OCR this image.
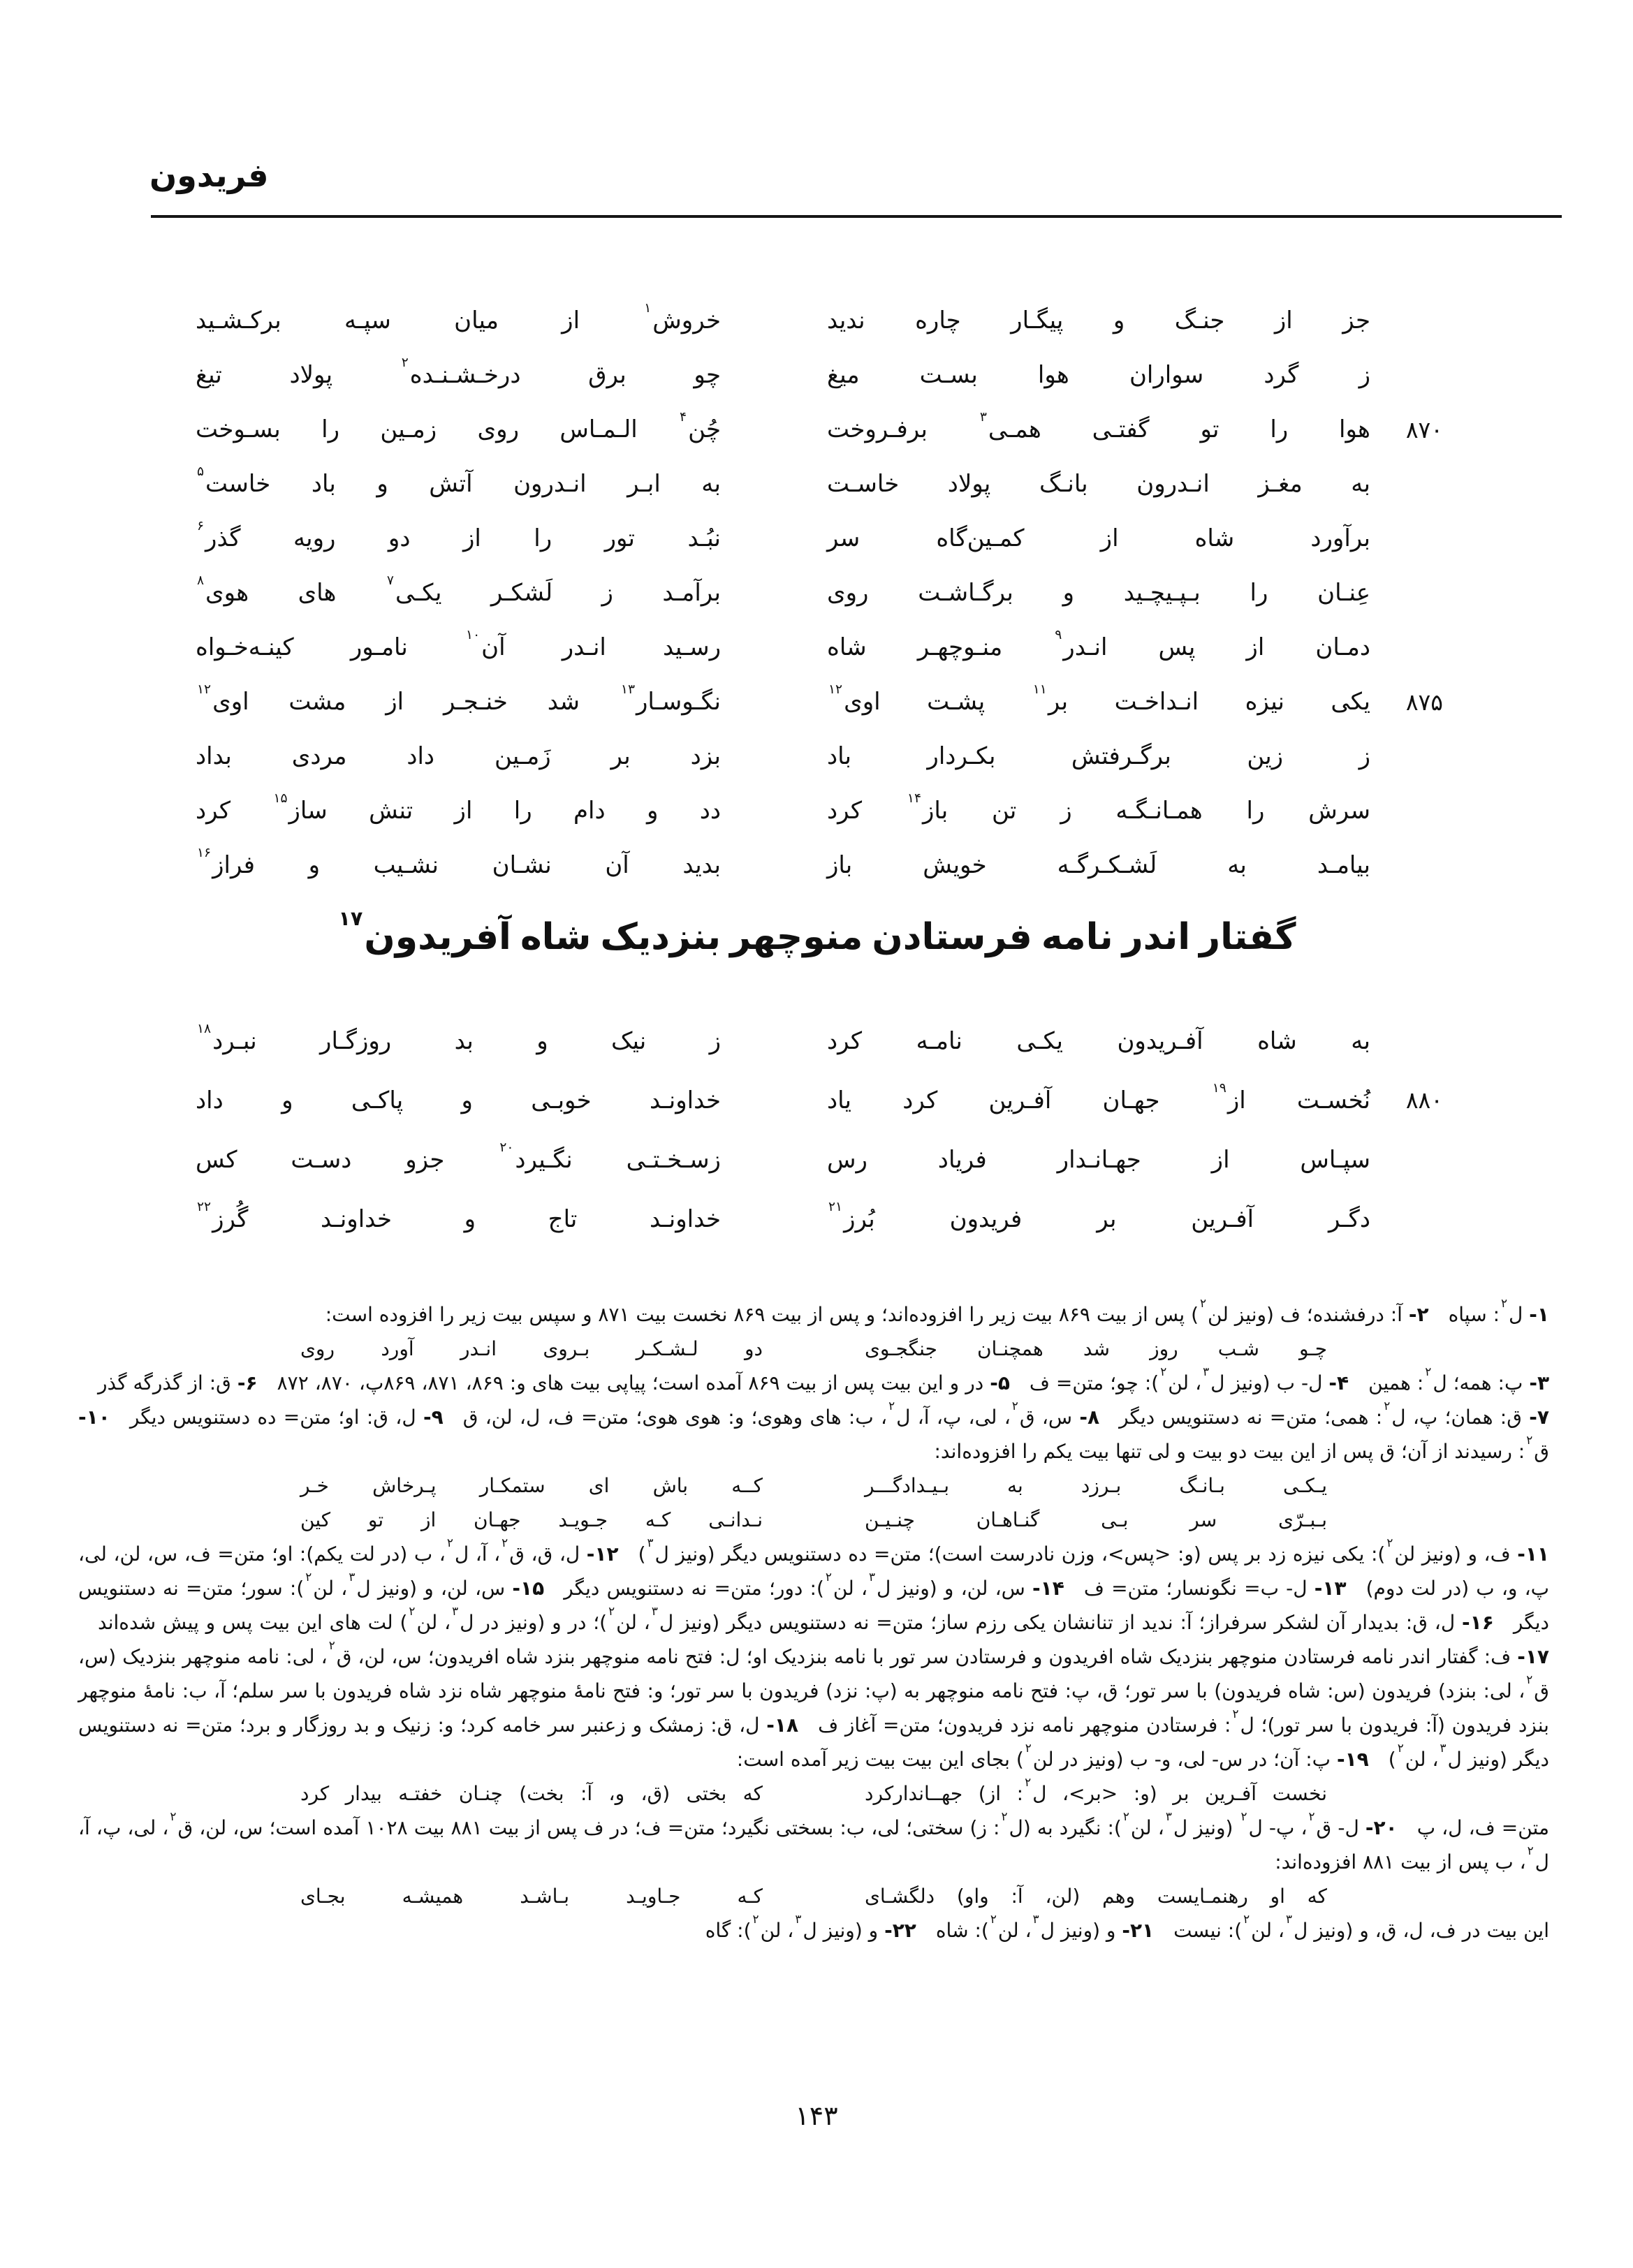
فریدون
جز از جنـگ و پیگـار چاره ندید
خروش$^۱$ از میان سپـه برکـشـید
ز گرد سواران هوا بسـت میغ
چو برق درخـشـنـده$^۲$ پولاد تیغ
۸۷۰
هوا را تو گفتـی همـی$^۳$ برفـروخت
چُن$^۴$ الـمـاس روی زمـین را بسـوخت
به مغـز انـدرون بانـگ پولاد خاسـت
به ابـر انـدرون آتش و باد خاست$^۵$
برآورد شاه از کمـین‌گاه سر
نبُـد تور را از دو رویه گذر$^۶$
عِنـان را بـپـیچـید و برگـاشـت روی
برآمـد ز لَشکـر یکـی$^۷$ های هوی$^۸$
دمـان از پس انـدر$^۹$ منـوچهـر شاه
رسـید انـدر آن$^{۱۰}$ نامـور کینـه‌خـواه
۸۷۵
یکی نیزه انـداخـت بر$^{۱۱}$ پشـت اوی$^{۱۲}$
نگـوسـار$^{۱۳}$ شد خنـجـر از مشت اوی$^{۱۲}$
ز زین برگـرفتش بکـردار باد
بزد بر زَمـین داد مردی بداد
سرش را همـانـگـه ز تن باز$^{۱۴}$ کرد
دد و دام را از تنش ساز$^{۱۵}$ کرد
بیامـد به لَشـکـرگـه خویش باز
بدید آن نشـان نشـیب و فراز$^{۱۶}$
گفتار اندر نامه فرستادن منوچهر بنزدیک شاه آفریدون$^{۱۷}$
به شاه آفـریدون یکـی نامـه کرد
ز نیک و بد روزگـار نبـرد$^{۱۸}$
۸۸۰
نُخسـت از$^{۱۹}$ جهـان آفـرین کرد یاد
خداونـد خوبـی و پاکـی و داد
سپـاس از جهـانـدار فریاد رس
زسـخـتـی نگـیرد$^{۲۰}$ جزو دسـت کس
دگـر آفـرین بر فریدون بُرز$^{۲۱}$
خداونـد تاج و خداونـد گُرز$^{۲۲}$

۱- ل$^۲$: سپاه ۲- آ: درفشنده؛ ف (ونیز لن$^۲$) پس از بیت ۸۶۹ بیت زیر را افزوده‌اند؛ و پس از بیت ۸۶۹ نخست بیت ۸۷۱ و سپس بیت زیر را افزوده است:

چـو شـب روز شد همچنـان جنگجـوی
دو لـشـکـر بـروی انـدر آورد روی

۳- پ: همه؛ ل$^۲$: همین ۴- ل- ب (ونیز ل$^۳$، لن$^۲$): چو؛ متن= ف ۵- در و این بیت پس از بیت ۸۶۹ آمده است؛ پیاپی بیت های و: ۸۶۹، ۸۷۱، ۸۶۹پ، ۸۷۰، ۸۷۲ ۶- ق: از گذرگه گذر ۷- ق: همان؛ پ، ل$^۲$: همی؛ متن= نه دستنویس دیگر ۸- س، ق$^۲$، لی، پ، آ، ل$^۲$، ب: های وهوی؛ و: هوی هوی؛ متن= ف، ل، لن، ق ۹- ل، ق: او؛ متن= ده دستنویس دیگر ۱۰- ق$^۲$: رسیدند از آن؛ ق پس از این بیت دو بیت و لی تنها بیت یکم را افزوده‌اند:

یـکـی بـانـگ بـرزد به بـیـدادگـــر
کــه باش ای ستمکـار پـرخاش خـر
بـبـرّی سر بـی گنـاهـان چنـیـن
نـدانـی کـه جـویـد جهـان از تو کین

۱۱- ف، و (ونیز لن$^۲$): یکی نیزه زد بر پس (و: <پس>، وزن نادرست است)؛ متن= ده دستنویس دیگر (ونیز ل$^۳$) ۱۲- ل، ق، ق$^۲$، آ، ل$^۲$، ب (در لت یکم): او؛ متن= ف، س، لن، لی، پ، و، ب (در لت دوم) ۱۳- ل- ب= نگونسار؛ متن= ف ۱۴- س، لن، و (ونیز ل$^۳$، لن$^۲$): دور؛ متن= نه دستنویس دیگر ۱۵- س، لن، و (ونیز ل$^۳$، لن$^۲$): سور؛ متن= نه دستنویس دیگر ۱۶- ل، ق: بدیدار آن لشکر سرفراز؛ آ: ندید از تنانشان یکی رزم ساز؛ متن= نه دستنویس دیگر (ونیز ل$^۳$، لن$^۲$)؛ در و (ونیز در ل$^۳$، لن$^۲$) لت های این بیت پس و پیش شده‌اند ۱۷- ف: گفتار اندر نامه فرستادن منوچهر بنزدیک شاه افریدون و فرستادن سر تور با نامه بنزدیک او؛ ل: فتح نامه منوچهر بنزد شاه افریدون؛ س، لن، ق$^۲$، لی: نامه منوچهر بنزدیک (س، ق$^۲$، لی: بنزد) فریدون (س: شاه فریدون) با سر تور؛ ق، پ: فتح نامه منوچهر به (پ: نزد) فریدون با سر تور؛ و: فتح نامۀ منوچهر شاه نزد شاه فریدون با سر سلم؛ آ، ب: نامۀ منوچهر بنزد فریدون (آ: فریدون با سر تور)؛ ل$^۲$: فرستادن منوچهر نامه نزد فریدون؛ متن= آغاز ف ۱۸- ل، ق: زمشک و زعنبر سر خامه کرد؛ و: زنیک و بد روزگار و برد؛ متن= نه دستنویس دیگر (ونیز ل$^۳$، لن$^۲$) ۱۹- پ: آن؛ در س- لی، و- ب (ونیز در لن$^۲$) بجای این بیت بیت زیر آمده است:

نخست آفـرین بر (و: <بر>، ل$^۲$: از) جهــاندارکرد
که بختی (ق، و، آ: بخت) چنـان خفتـه بیدار کرد

متن= ف، ل، پ ۲۰- ل- ق$^۲$، پ- ل$^۲$ (ونیز ل$^۳$، لن$^۲$): نگیرد به (ل$^۲$: ز) سختی؛ لی، ب: بسختی نگیرد؛ متن= ف؛ در ف پس از بیت ۸۸۱ بیت ۱۰۲۸ آمده است؛ س، لن، ق$^۲$، لی، پ، آ، ل$^۲$، ب پس از بیت ۸۸۱ افزوده‌اند:

که او رهنمـایست وهم (لن، آ: واو) دلگشـای
کـه جـاویـد بـاشـد همیشـه بجـای

این بیت در ف، ل، ق، و (ونیز ل$^۳$، لن$^۲$): نیست ۲۱- و (ونیز ل$^۳$، لن$^۲$): شاه ۲۲- و (ونیز ل$^۳$، لن$^۲$): گاه

۱۴۳
